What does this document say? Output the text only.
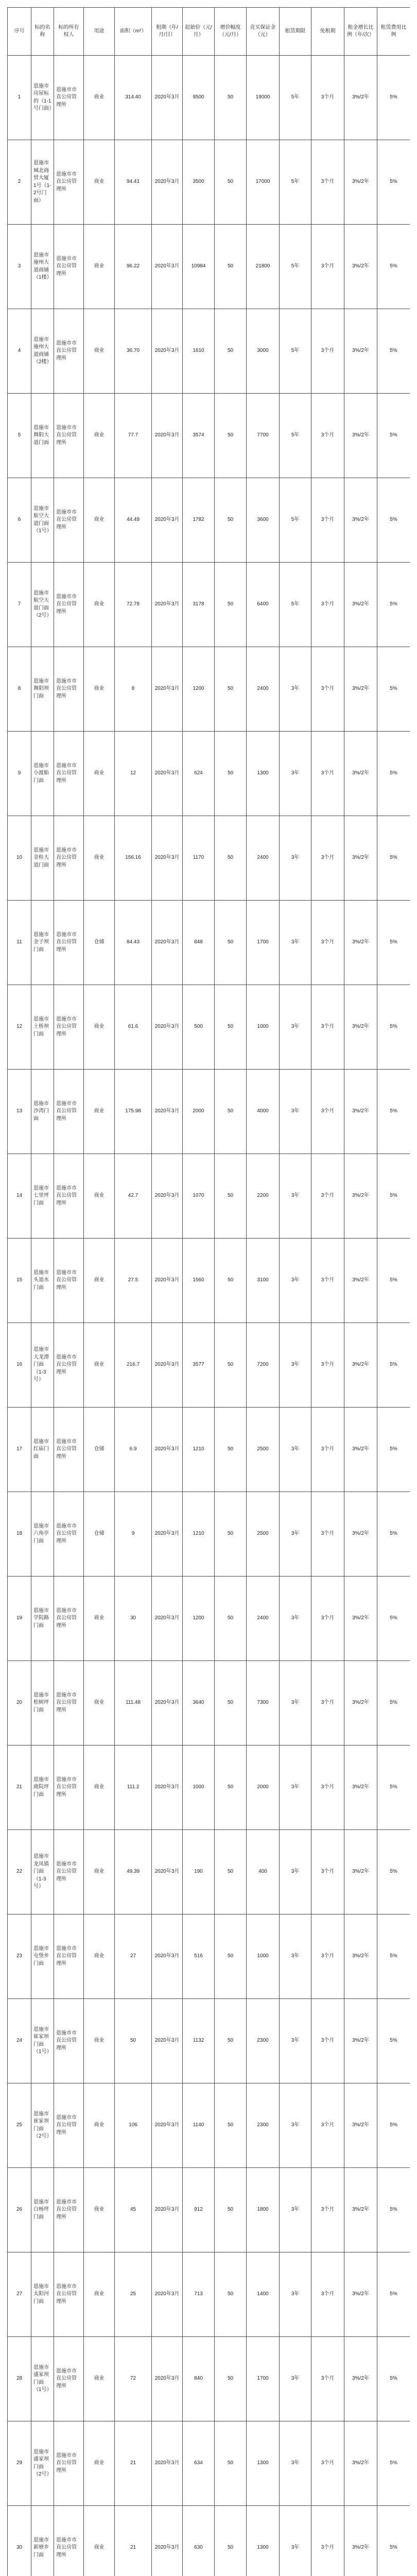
序号	标的名称	标的所有权人	用途	面积（m²）	租期（年/月/日）	起始价（元/月）	增价幅度（元/月）	竞买保证金（元）	租赁期限	免租期	租金增长比例（年/次）	租赁费用比例
1	恩施市房屋标的（1-1号门面）	恩施市市直公房管理所	商业	314.40	2020年3月	9500	50	19000	5年	3个月	3%/2年	5%
2	恩施市城北商贸大厦1号（1-2号门面）	恩施市市直公房管理所	商业	94.41	2020年3月	3500	50	17000	5年	3个月	3%/2年	5%
3	恩施市施州大道商铺（1楼）	恩施市市直公房管理所	商业	96.22	2020年3月	10984	50	21800	5年	3个月	3%/2年	5%
4	恩施市施州大道商铺（2楼）	恩施市市直公房管理所	商业	36.70	2020年3月	1610	50	3000	5年	3个月	3%/2年	5%
5	恩施市舞阳大道门面	恩施市市直公房管理所	商业	77.7	2020年3月	3574	50	7700	5年	3个月	3%/2年	5%
6	恩施市航空大道门面（1号）	恩施市市直公房管理所	商业	44.49	2020年3月	1782	50	3600	5年	3个月	3%/2年	5%
7	恩施市航空大道门面（2号）	恩施市市直公房管理所	商业	72.78	2020年3月	3178	50	6400	5年	3个月	3%/2年	5%
8	恩施市舞阳坝门面	恩施市市直公房管理所	商业	8	2020年3月	1200	50	2400	3年	3个月	3%/2年	5%
9	恩施市小渡船门面	恩施市市直公房管理所	商业	12	2020年3月	624	50	1300	3年	3个月	3%/2年	5%
10	恩施市金桂大道门面	恩施市市直公房管理所	商业	156.16	2020年3月	1170	50	2400	3年	3个月	3%/2年	5%
11	恩施市金子坝门面	恩施市市直公房管理所	仓储	84.43	2020年3月	848	50	1700	3年	3个月	3%/2年	5%
12	恩施市土桥坝门面	恩施市市直公房管理所	商业	61.6	2020年3月	500	50	1000	3年	3个月	3%/2年	5%
13	恩施市沙湾门面	恩施市市直公房管理所	商业	175.98	2020年3月	2000	50	4000	3年	3个月	3%/2年	5%
14	恩施市七里坪门面	恩施市市直公房管理所	商业	42.7	2020年3月	1070	50	2200	3年	3个月	3%/2年	5%
15	恩施市头道水门面	恩施市市直公房管理所	商业	27.5	2020年3月	1560	50	3100	3年	3个月	3%/2年	5%
16	恩施市大龙潭门面（1-3号）	恩施市市直公房管理所	商业	216.7	2020年3月	3577	50	7200	3年	3个月	3%/2年	5%
17	恩施市红庙门面	恩施市市直公房管理所	仓储	6.9	2020年3月	1210	50	2500	3年	3个月	3%/2年	5%
18	恩施市六角亭门面	恩施市市直公房管理所	仓储	9	2020年3月	1210	50	2500	3年	3个月	3%/2年	5%
19	恩施市学院路门面	恩施市市直公房管理所	商业	30	2020年3月	1200	50	2400	3年	3个月	3%/2年	5%
20	恩施市松树坪门面	恩施市市直公房管理所	商业	111.48	2020年3月	3640	50	7300	3年	3个月	3%/2年	5%
21	恩施市鹿院坪门面	恩施市市直公房管理所	商业	111.2	2020年3月	1000	50	2000	3年	3个月	3%/2年	5%
22	恩施市龙凤镇门面（1-3号）	恩施市市直公房管理所	商业	49.39	2020年3月	190	50	400	3年	3个月	3%/2年	5%
23	恩施市屯堡乡门面	恩施市市直公房管理所	商业	27	2020年3月	516	50	1000	3年	3个月	3%/2年	5%
24	恩施市崔家坝门面（1号）	恩施市市直公房管理所	商业	50	2020年3月	1132	50	2300	3年	3个月	3%/2年	5%
25	恩施市崔家坝门面（2号）	恩施市市直公房管理所	商业	106	2020年3月	1140	50	2300	3年	3个月	3%/2年	5%
26	恩施市白杨坪门面	恩施市市直公房管理所	商业	45	2020年3月	912	50	1800	3年	3个月	3%/2年	5%
27	恩施市太阳河门面	恩施市市直公房管理所	商业	25	2020年3月	713	50	1400	3年	3个月	3%/2年	5%
28	恩施市盛家坝门面（1号）	恩施市市直公房管理所	商业	72	2020年3月	840	50	1700	3年	3个月	3%/2年	5%
29	恩施市盛家坝门面（2号）	恩施市市直公房管理所	商业	21	2020年3月	634	50	1300	3年	3个月	3%/2年	5%
30	恩施市新塘乡门面	恩施市市直公房管理所	商业	21	2020年3月	630	50	1300	3年	3个月	3%/2年	5%
